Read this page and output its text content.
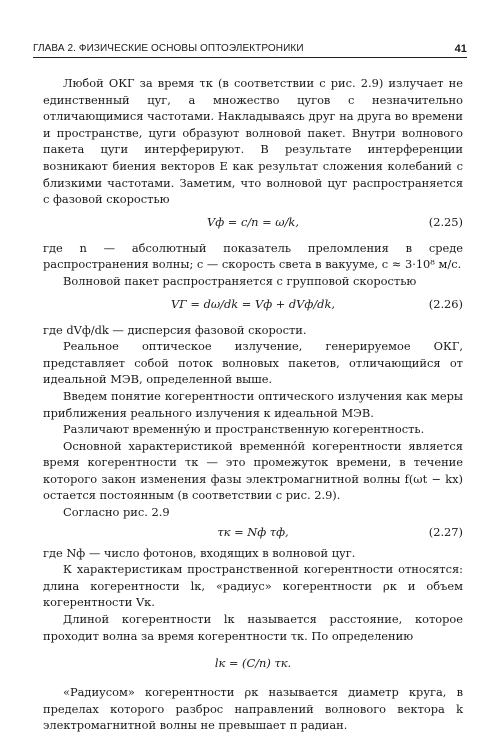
ГЛАВА 2. ФИЗИЧЕСКИЕ ОСНОВЫ ОПТОЭЛЕКТРОНИКИ	41

Любой ОКГ за время τк (в соответствии с рис. 2.9) излучает не единственный цуг, а множество цугов с незначительно отличающимися частотами. Накладываясь друг на друга во времени и пространстве, цуги образуют волновой пакет. Внутри волнового пакета цуги интерферируют. В результате интерференции возникают биения векторов E как результат сложения колебаний с близкими частотами. Заметим, что волновой цуг распространяется с фазовой скоростью

Vф = c/n = ω/k,	(2.25)

где n — абсолютный показатель преломления в среде распространения волны; с — скорость света в вакууме, с ≈ 3·10⁸ м/с.

Волновой пакет распространяется с групповой скоростью

VГ = dω/dk = Vф + dVф/dk,	(2.26)

где dVф/dk — дисперсия фазовой скорости.

Реальное оптическое излучение, генерируемое ОКГ, представляет собой поток волновых пакетов, отличающийся от идеальной МЭВ, определенной выше.

Введем понятие когерентности оптического излучения как меры приближения реального излучения к идеальной МЭВ.

Различают временну́ю и пространственную когерентность.

Основной характеристикой временно́й когерентности является время когерентности τк — это промежуток времени, в течение которого закон изменения фазы электромагнитной волны f(ωt − kx) остается постоянным (в соответствии с рис. 2.9).

Согласно рис. 2.9

τк = Nф τф,	(2.27)

где Nф — число фотонов, входящих в волновой цуг.

К характеристикам пространственной когерентности относятся: длина когерентности lк, «радиус» когерентности ρк и объем когерентности Vк.

Длиной когерентности lк называется расстояние, которое проходит волна за время когерентности τк. По определению

lк = (C/n) τк.

«Радиусом» когерентности ρк называется диаметр круга, в пределах которого разброс направлений волнового вектора k электромагнитной волны не превышает π радиан.
